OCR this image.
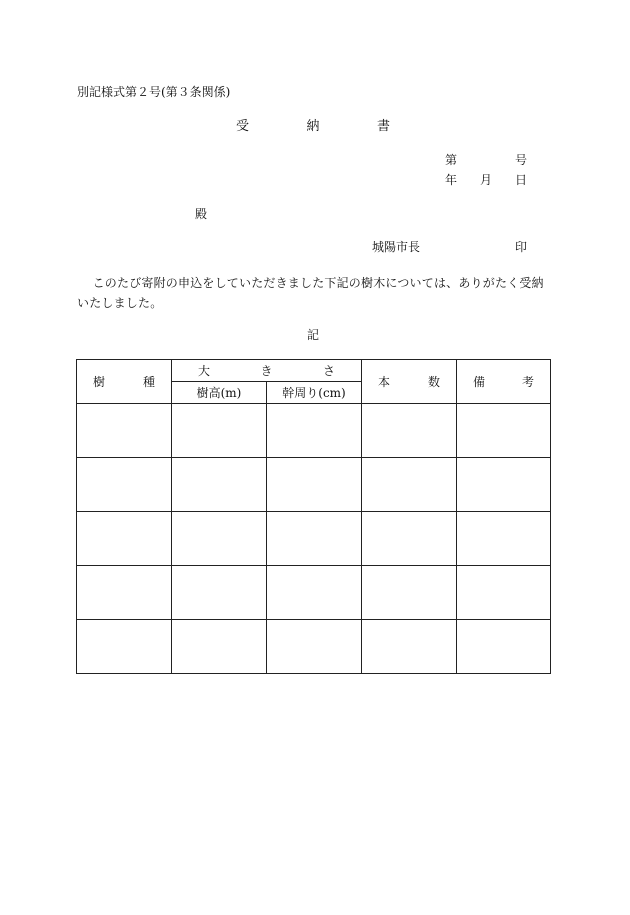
別記様式第２号(第３条関係)
受	納	書
第	号
年 月 日
殿
城陽市長	印

このたび寄附の申込をしていただきました下記の樹木については、ありがたく受納いたしました。

記
樹 種	大 き さ		本 数	備 考

	樹高(m)	幹周り(cm)		
